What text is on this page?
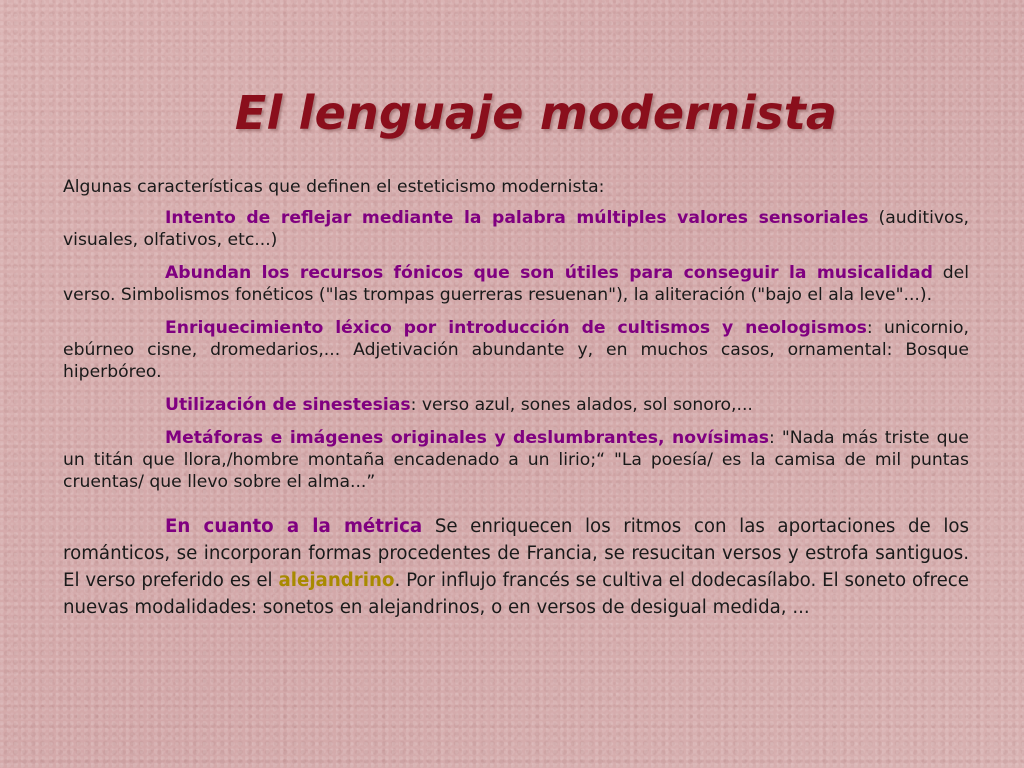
El lenguaje modernista

Algunas características que definen el esteticismo modernista:

Intento de reflejar mediante la palabra múltiples valores sensoriales (auditivos, visuales, olfativos, etc...)

Abundan los recursos fónicos que son útiles para conseguir la musicalidad del verso. Simbolismos fonéticos ("las trompas guerreras resuenan"), la aliteración ("bajo el ala leve"...).

Enriquecimiento léxico por introducción de cultismos y neologismos: unicornio, ebúrneo cisne, dromedarios,... Adjetivación abundante y, en muchos casos, ornamental: Bosque hiperbóreo.

Utilización de sinestesias: verso azul, sones alados, sol sonoro,...

Metáforas e imágenes originales y deslumbrantes, novísimas: "Nada más triste que un titán que llora,/hombre montaña encadenado a un lirio;“ "La poesía/ es la camisa de mil puntas cruentas/ que llevo sobre el alma...”

En cuanto a la métrica Se enriquecen los ritmos con las aportaciones de los románticos, se incorporan formas procedentes de Francia, se resucitan versos y estrofa santiguos. El verso preferido es el alejandrino. Por influjo francés se cultiva el dodecasílabo. El soneto ofrece nuevas modalidades: sonetos en alejandrinos, o en versos de desigual medida, ...
